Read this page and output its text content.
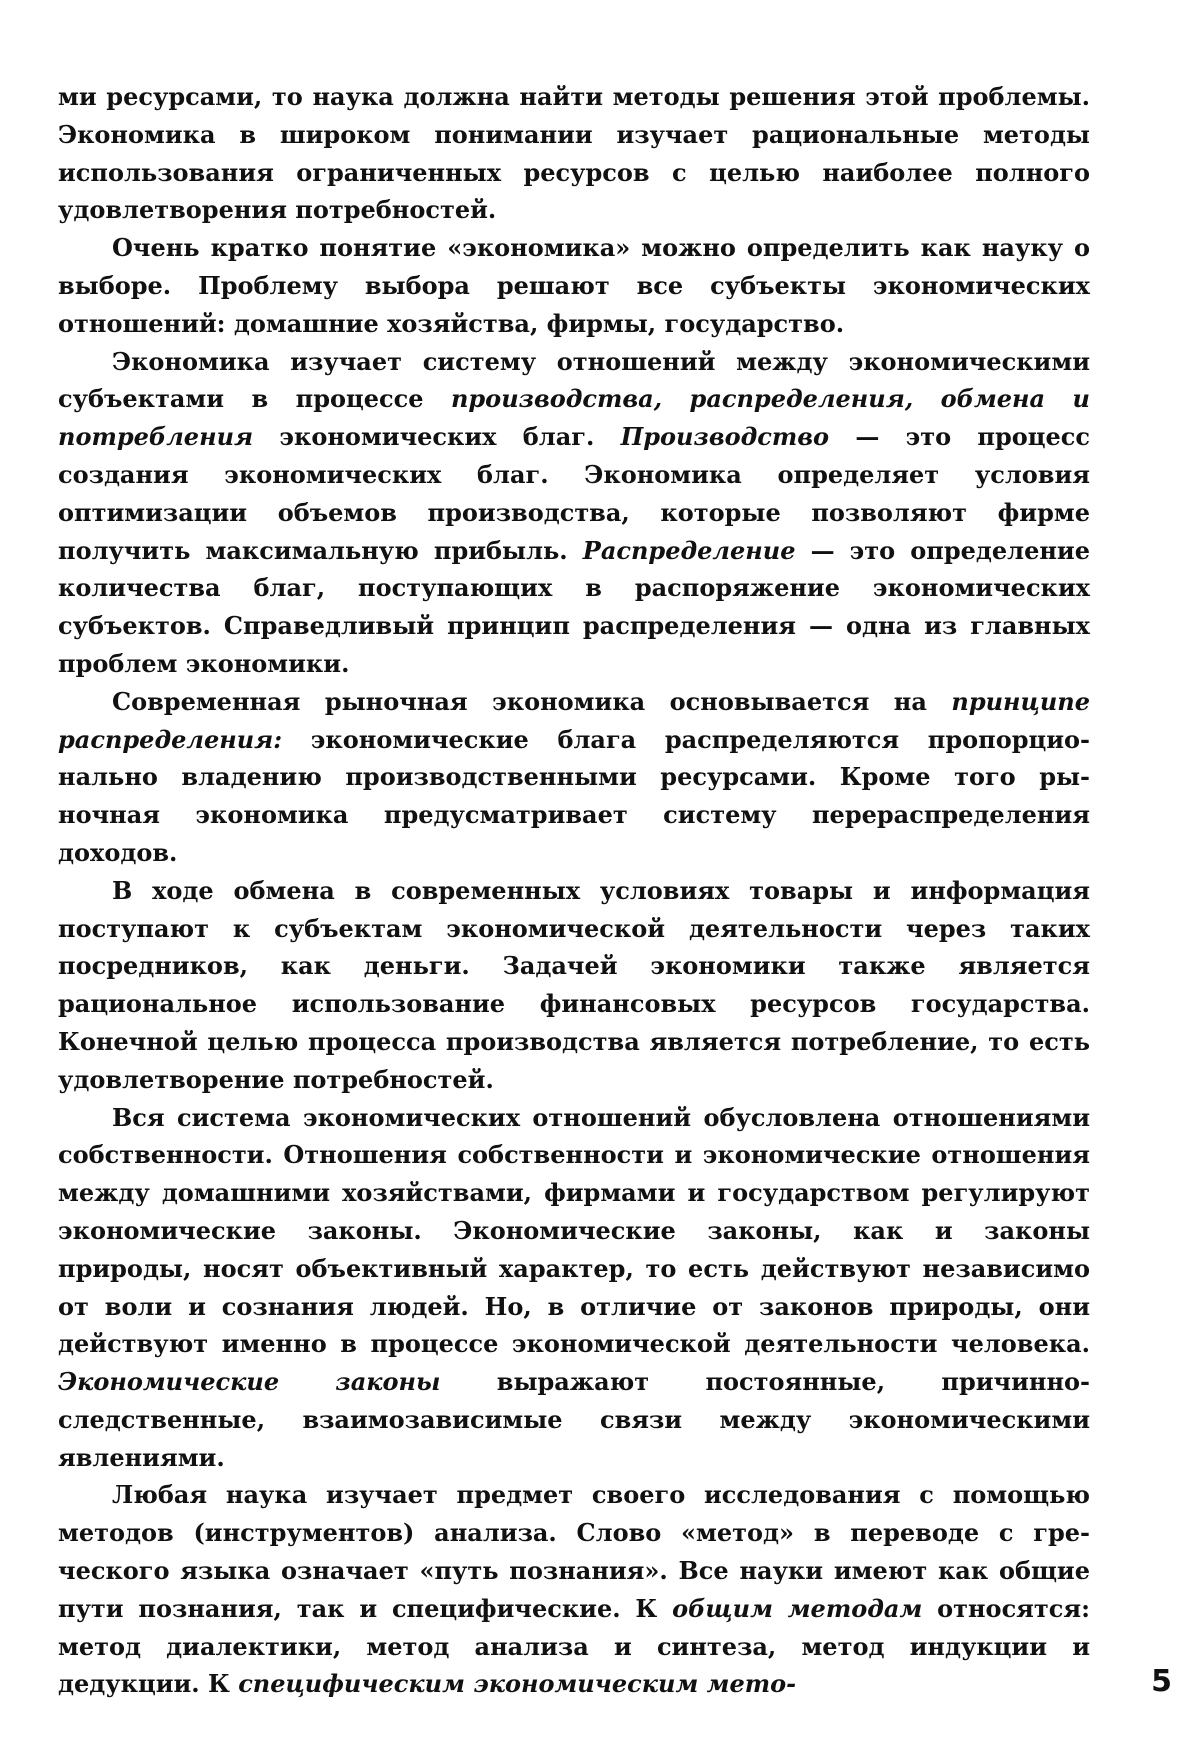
ми ресурсами, то наука должна найти методы решения этой проблемы. Экономика в широком понимании изучает рациональные методы использования ограниченных ресурсов с целью наиболее полного удовлетворения потребностей.

Очень кратко понятие «экономика» можно определить как науку о выборе. Проблему выбора решают все субъекты экономических отношений: домашние хозяйства, фирмы, государство.

Экономика изучает систему отношений между экономическими субъектами в процессе производства, распределения, обмена и потребления экономических благ. Производство — это процесс создания экономических благ. Экономика определяет условия оптимизации объемов производства, которые позволяют фирме получить максимальную прибыль. Распределение — это определение количества благ, поступающих в распоряжение экономических субъектов. Справедливый принцип распределения — одна из главных проблем экономики.

Современная рыночная экономика основывается на принципе распределения: экономические блага распределяются пропорционально владению производственными ресурсами. Кроме того рыночная экономика предусматривает систему перераспределения доходов.

В ходе обмена в современных условиях товары и информация поступают к субъектам экономической деятельности через таких посредников, как деньги. Задачей экономики также является рациональное использование финансовых ресурсов государства. Конечной целью процесса производства является потребление, то есть удовлетворение потребностей.

Вся система экономических отношений обусловлена отношениями собственности. Отношения собственности и экономические отношения между домашними хозяйствами, фирмами и государством регулируют экономические законы. Экономические законы, как и законы природы, носят объективный характер, то есть действуют независимо от воли и сознания людей. Но, в отличие от законов природы, они действуют именно в процессе экономической деятельности человека. Экономические законы выражают постоянные, причинно-следственные, взаимозависимые связи между экономическими явлениями.

Любая наука изучает предмет своего исследования с помощью методов (инструментов) анализа. Слово «метод» в переводе с греческого языка означает «путь познания». Все науки имеют как общие пути познания, так и специфические. К общим методам относятся: метод диалектики, метод анализа и синтеза, метод индукции и дедукции. К специфическим экономическим мето-	5
